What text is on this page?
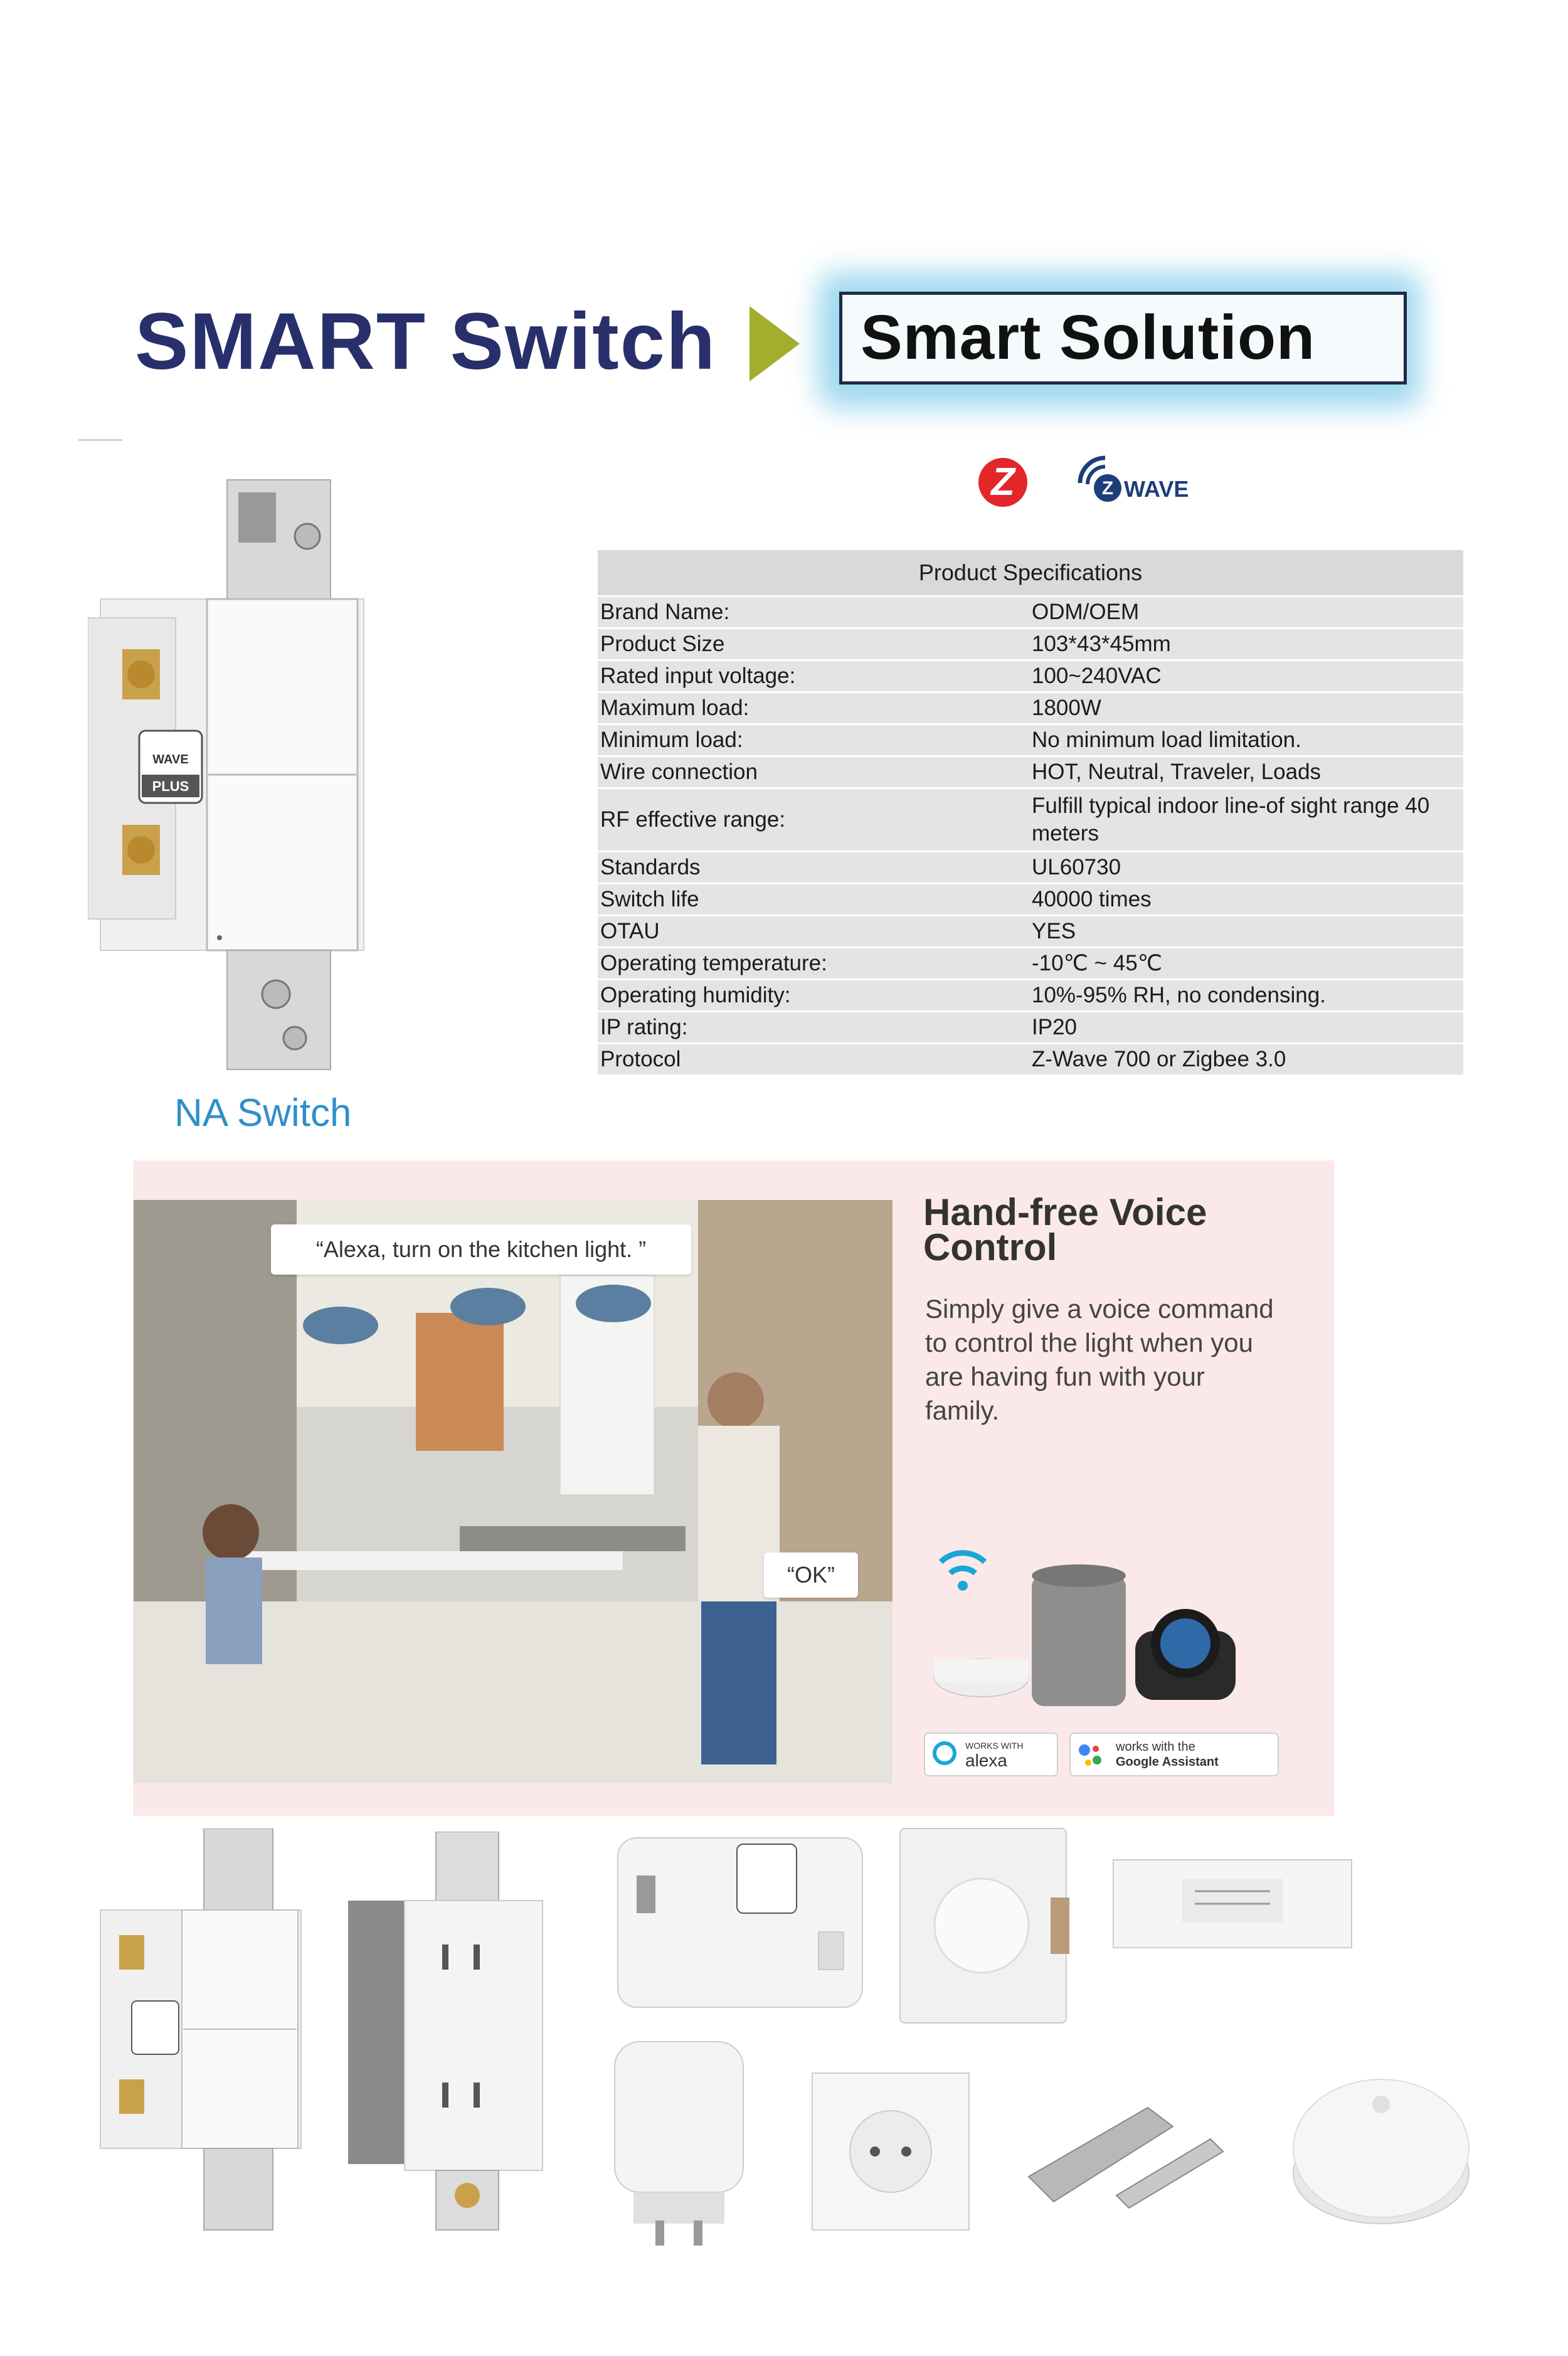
SMART Switch Smart Solution
Z	Z WAVE
Product Specifications	
Brand Name:	ODM/OEM
Product Size	103*43*45mm
Rated input voltage:	100~240VAC
Maximum load:	1800W
Minimum load:	No minimum load limitation.
Wire connection	HOT, Neutral, Traveler, Loads
RF effective range:	Fulfill typical indoor line-of sight range 40 meters
Standards	UL60730
Switch life	40000 times
OTAU	YES
Operating temperature:	-10℃ ~ 45℃
Operating humidity:	10%-95% RH, no condensing.
IP rating:	IP20
Protocol	Z-Wave 700 or Zigbee 3.0
WAVE
PLUS
NA Switch
“Alexa, turn on the kitchen light. ”
“OK”
Hand-free Voice Control
Simply give a voice command to control the light when you are having fun with your family.
WORKS WITH
alexa
works with the
Google Assistant
